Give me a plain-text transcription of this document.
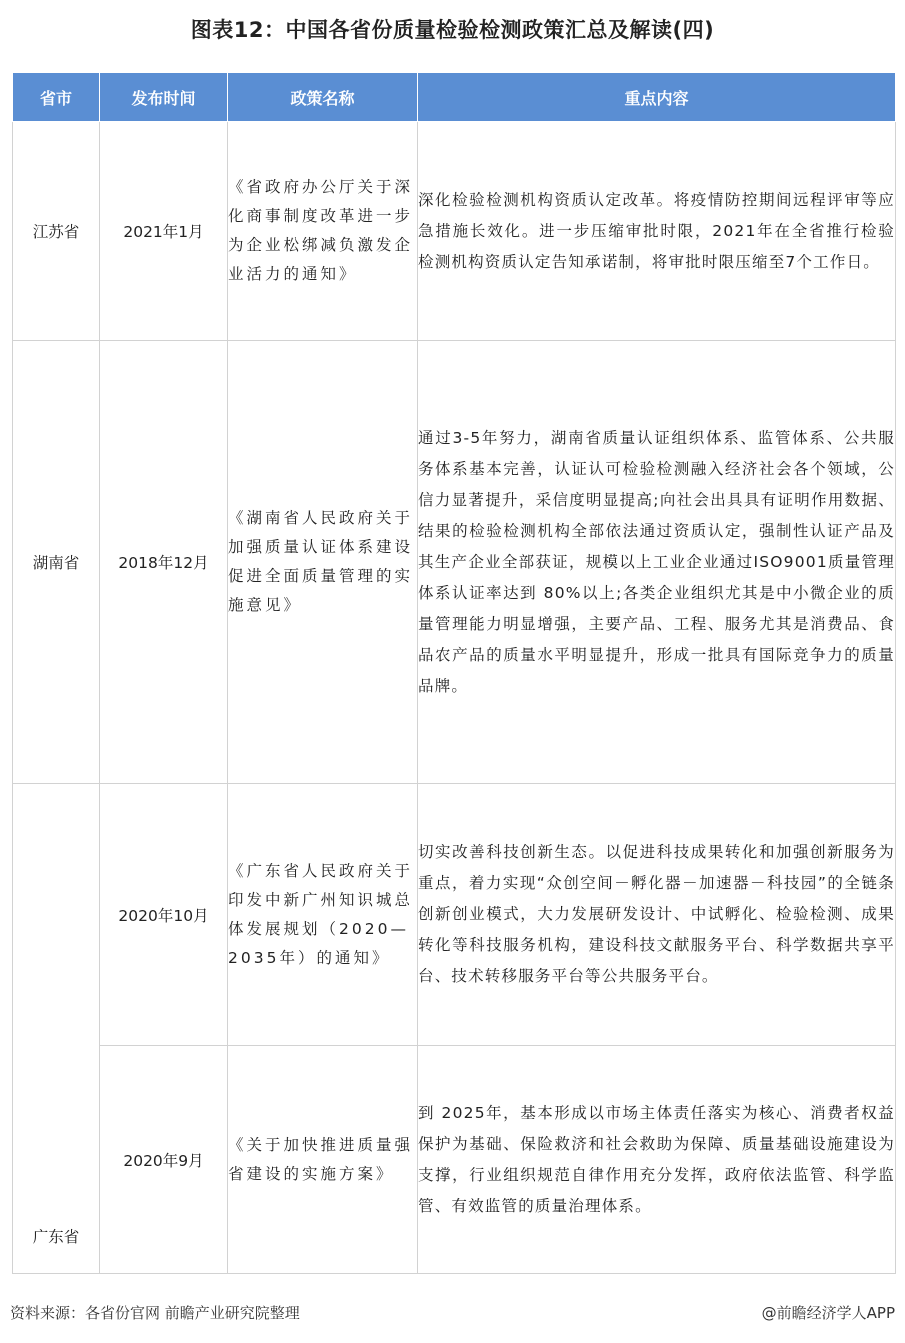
图表12：中国各省份质量检验检测政策汇总及解读(四)
省市	发布时间	政策名称	重点内容
江苏省	2021年1月	《省政府办公厅关于深化商事制度改革进一步为企业松绑减负激发企业活力的通知》	深化检验检测机构资质认定改革。将疫情防控期间远程评审等应急措施长效化。进一步压缩审批时限，2021年在全省推行检验检测机构资质认定告知承诺制，将审批时限压缩至7个工作日。
湖南省	2018年12月	《湖南省人民政府关于加强质量认证体系建设促进全面质量管理的实施意见》	通过3-5年努力，湖南省质量认证组织体系、监管体系、公共服务体系基本完善，认证认可检验检测融入经济社会各个领域，公信力显著提升，采信度明显提高;向社会出具具有证明作用数据、结果的检验检测机构全部依法通过资质认定，强制性认证产品及其生产企业全部获证，规模以上工业企业通过ISO9001质量管理体系认证率达到 80%以上;各类企业组织尤其是中小微企业的质量管理能力明显增强，主要产品、工程、服务尤其是消费品、食品农产品的质量水平明显提升，形成一批具有国际竞争力的质量品牌。
广东省	2020年10月	《广东省人民政府关于印发中新广州知识城总体发展规划（2020—2035年）的通知》	切实改善科技创新生态。以促进科技成果转化和加强创新服务为重点，着力实现“众创空间－孵化器－加速器－科技园”的全链条创新创业模式，大力发展研发设计、中试孵化、检验检测、成果转化等科技服务机构，建设科技文献服务平台、科学数据共享平台、技术转移服务平台等公共服务平台。
	2020年9月	《关于加快推进质量强省建设的实施方案》	到 2025年，基本形成以市场主体责任落实为核心、消费者权益保护为基础、保险救济和社会救助为保障、质量基础设施建设为支撑，行业组织规范自律作用充分发挥，政府依法监管、科学监管、有效监管的质量治理体系。
资料来源：各省份官网 前瞻产业研究院整理	@前瞻经济学人APP
